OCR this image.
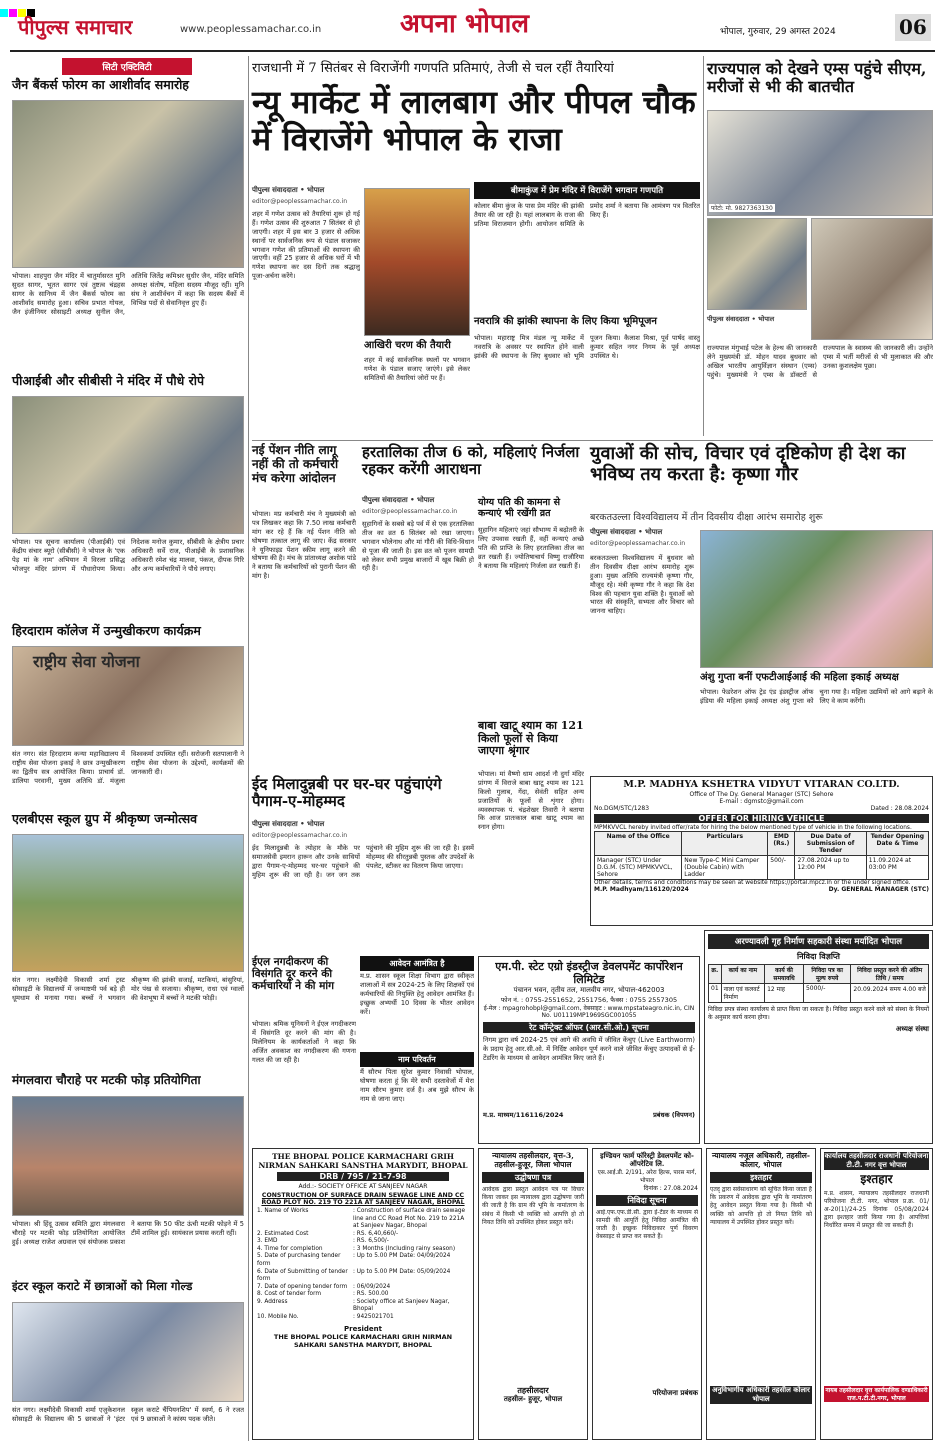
पीपुल्स समाचार	www.peoplessamachar.co.in	अपना भोपाल	भोपाल, गुरुवार, 29 अगस्त 2024	06
सिटी एक्टिविटी
जैन बैंकर्स फोरम का आशीर्वाद समारोह
भोपाल। शाहपुरा जैन मंदिर में चातुर्मासरत मुनि सुदत सागर, भूतत सागर एवं तुष्टत्व चंद्रहस सागर के सानिध्य में जैन बैंकर्स फोरम का आशीर्वाद समारोह हुआ। सचिव प्रभात गोयल, जैन इंजीनियर सोसाइटी अध्यक्ष सुनील जैन, अतिथि जितेंद्र कमिश्नर सुधीर जैन, मंदिर समिति अध्यक्ष संतोष, महिला सदस्य मौजूद रहीं। मुनि संघ ने आशीर्वचन में कहा कि सदस्य बैंकों में विभिन्न पदों से सेवानिवृत्त हुए हैं।
पीआईबी और सीबीसी ने मंदिर में पौधे रोपे
भोपाल। पत्र सूचना कार्यालय (पीआईबी) एवं केंद्रीय संचार ब्यूरो (सीबीसी) ने भोपाल के 'एक पेड़ मां के नाम' अभियान में विरला प्रसिद्ध भोजपुर मंदिर प्रांगण में पौधारोपण किया। निदेशक मनोज कुमार, सीबीसी के क्षेत्रीय प्रचार अधिकारी सर्वे राज, पीआईबी के प्रशासनिक अधिकारी रमेश चंद्र मालवा, पंकज, दीपक गिरि और अन्य कर्मचारियों ने पौधे लगाए।
हिरदाराम कॉलेज में उन्मुखीकरण कार्यक्रम
राष्ट्रीय सेवा योजना
संत नगर। संत हिरदाराम कन्या महाविद्यालय में राष्ट्रीय सेवा योजना इकाई ने छात्र उन्मुखीकरण का द्वितीय सत्र आयोजित किया। प्राचार्य डॉ. डालिया परवानी, मुख्य अतिथि डॉ. मंजुला विश्वकर्मा उपस्थित रहीं। सरोजनी सतपालानी ने राष्ट्रीय सेवा योजना के उद्देश्यों, कार्यक्रमों की जानकारी दी।
एलबीएस स्कूल ग्रुप में श्रीकृष्ण जन्मोत्सव
संत नगर। लक्ष्मीदेवी विकासी शर्मा ट्रस्ट सोसाइटी के विद्यालयों में जन्माष्टमी पर्व बड़े ही धूमधाम से मनाया गया। बच्चों ने भगवान श्रीकृष्ण की झांकी सजाई, मटकियां, बांसुरियां, मोर पंख से सजाया। श्रीकृष्ण, राधा एवं ग्वालों की वेशभूषा में बच्चों ने मटकी फोड़ी।
मंगलवारा चौराहे पर मटकी फोड़ प्रतियोगिता
भोपाल। श्री हिंदू उत्सव समिति द्वारा मंगलवारा चौराहे पर मटकी फोड़ प्रतियोगिता आयोजित हुई। अध्यक्ष राजेश अग्रवाल एवं संयोजक प्रकाश ने बताया कि 50 फीट ऊंची मटकी फोड़ने में 5 टीमें शामिल हुईं। सायंकाल प्रयास करती रहीं।
इंटर स्कूल कराटे में छात्राओं को मिला गोल्ड
संत नगर। लक्ष्मीदेवी विकासी शर्मा एजुकेशनल सोसाइटी के विद्यालय की 5 छात्राओं ने 'इंटर स्कूल कराटे चैंपियनशिप' में स्वर्ण, 6 ने रजत एवं 9 छात्राओं ने कांस्य पदक जीते।
राजधानी में 7 सितंबर से विराजेंगी गणपति प्रतिमाएं, तेजी से चल रहीं तैयारियां
न्यू मार्केट में लालबाग और पीपल चौक में विराजेंगे भोपाल के राजा
पीपुल्स संवाददाता • भोपाल
editor@peoplessamachar.co.in
शहर में गणेश उत्सव को तैयारियां शुरू हो गई हैं। गणेश उत्सव की शुरुआत 7 सितंबर से हो जाएगी। शहर में इस बार 3 हजार से अधिक स्थानों पर सार्वजनिक रूप से पंडाल सजाकर भगवान गणेश की प्रतिमाओं की स्थापना की जाएगी। वहीं 25 हजार से अधिक घरों में भी गणेश स्थापना कर दस दिनों तक श्रद्धालु पूजा-अर्चना करेंगे।
बीमाकुंज में प्रेम मंदिर में विराजेंगे भगवान गणपति
कोलार बीमा कुंज के पास प्रेम मंदिर की झांकी तैयार की जा रही है। यहां लालबाग के राजा की प्रतिमा विराजमान होगी। आयोजन समिति के प्रमोद शर्मा ने बताया कि आमंत्रण पत्र वितरित किए हैं।
आखिरी चरण की तैयारी
शहर में कई सार्वजनिक स्थलों पर भगवान गणेश के पंडाल सजाए जाएंगे। इसे लेकर समितियों की तैयारियां जोरों पर हैं।
नवरात्रि की झांकी स्थापना के लिए किया भूमिपूजन
भोपाल। महाराष्ट्र मित्र मंडल न्यू मार्केट में नवरात्रि के अवसर पर स्थापित होने वाली झांकी की स्थापना के लिए बुधवार को भूमि पूजन किया। कैलाश मिश्रा, पूर्व पार्षद वास्तु कुमार सहित नगर निगम के पूर्व अध्यक्ष उपस्थित थे।
राज्यपाल को देखने एम्स पहुंचे सीएम, मरीजों से भी की बातचीत
फोटो: मो. 9827363130
पीपुल्स संवाददाता • भोपाल
राज्यपाल मंगुभाई पटेल के हेल्थ की जानकारी लेने मुख्यमंत्री डॉ. मोहन यादव बुधवार को अखिल भारतीय आयुर्विज्ञान संस्थान (एम्स) पहुंचे। मुख्यमंत्री ने एम्स के डॉक्टरों से राज्यपाल के स्वास्थ्य की जानकारी ली। उन्होंने एम्स में भर्ती मरीजों से भी मुलाकात की और उनका कुशलक्षेम पूछा।
नई पेंशन नीति लागू नहीं की तो कर्मचारी मंच करेगा आंदोलन
भोपाल। मप्र कर्मचारी मंच ने मुख्यमंत्री को पत्र लिखकर कहा कि 7.50 लाख कर्मचारी मांग कर रहे हैं कि नई पेंशन नीति को घोषणा तत्काल लागू की जाए। केंद्र सरकार ने यूनिफाइड पेंशन स्कीम लागू करने की घोषणा की है। मंच के प्रांताध्यक्ष अशोक पांडे ने बताया कि कर्मचारियों को पुरानी पेंशन की मांग है।
हरतालिका तीज 6 को, महिलाएं निर्जला रहकर करेंगी आराधना
पीपुल्स संवाददाता • भोपाल
editor@peoplessamachar.co.in
सुहागिनों के सबसे बड़े पर्व में से एक हरतालिका तीज का व्रत 6 सितंबर को रखा जाएगा। भगवान भोलेनाथ और मां गौरी की विधि-विधान से पूजा की जाती है। इस व्रत को पूजन सामग्री को लेकर सभी प्रमुख बाजारों में खूब बिक्री हो रही है।
योग्य पति की कामना से कन्याएं भी रखेंगी व्रत
सुहागिन महिलाएं जहां सौभाग्य में बढ़ोतरी के लिए उपवास रखती हैं, वहीं कन्याएं अच्छे पति की प्राप्ति के लिए हरतालिका तीज का व्रत रखती हैं। ज्योतिषाचार्य विष्णु राजौरिया ने बताया कि महिलाएं निर्जला व्रत रखती हैं।
बाबा खाटू श्याम का 121 किलो फूलों से किया जाएगा श्रृंगार
भोपाल। मां वैष्णो धाम आदर्श नौ दुर्गा मंदिर प्रांगण में विराजे बाबा खाटू श्याम का 121 किलो गुलाब, गेंदा, सेवंती सहित अन्य प्रजातियों के फूलों से शृंगार होगा। व्यवस्थापक पं. चंद्रशेखर तिवारी ने बताया कि आज प्रातःकाल बाबा खाटू श्याम का स्नान होगा।
ईद मिलादुन्नबी पर घर-घर पहुंचाएंगे पैगाम-ए-मोहम्मद
पीपुल्स संवाददाता • भोपाल
editor@peoplessamachar.co.in
ईद मिलादुन्नबी के त्योहार के मौके पर समाजसेवी इमरान हारून और उनके साथियों द्वारा पैगाम-ए-मोहम्मद घर-घर पहुंचाने की मुहिम शुरू की जा रही है। जन जन तक पहुंचाने की मुहिम शुरू की जा रही है। इसमें मोहम्मद की सीरतुन्नबी पुस्तक और उपदेशों के पंपलेट, स्टीकर का वितरण किया जाएगा।
ईएल नगदीकरण की विसंगति दूर करने की कर्मचारियों ने की मांग
भोपाल। श्रमिक यूनियनों ने ईएल नगदीकरण में विसंगति दूर करने की मांग की है। मिलेनियम के कार्यकर्ताओं ने कहा कि अर्जित अवकाश का नगदीकरण की गणना गलत की जा रही है।
आवेदन आमंत्रित है
म.प्र. शासन स्कूल शिक्षा विभाग द्वारा स्वीकृत शालाओं में सत्र 2024-25 के लिए शिक्षकों एवं कर्मचारियों की नियुक्ति हेतु आवेदन आमंत्रित हैं। इच्छुक अभ्यर्थी 10 दिवस के भीतर आवेदन करें।
नाम परिवर्तन
मैं सौरभ पिता सुरेश कुमार निवासी भोपाल, घोषणा करता हूं कि मेरे सभी दस्तावेजों में मेरा नाम सौरभ कुमार दर्ज है। अब मुझे सौरभ के नाम से जाना जाए।
युवाओं की सोच, विचार एवं दृष्टिकोण ही देश का भविष्य तय करता है: कृष्णा गौर
बरकतउल्ला विश्वविद्यालय में तीन दिवसीय दीक्षा आरंभ समारोह शुरू
पीपुल्स संवाददाता • भोपाल
editor@peoplessamachar.co.in
बरकतउल्ला विश्वविद्यालय में बुधवार को तीन दिवसीय दीक्षा आरंभ समारोह शुरू हुआ। मुख्य अतिथि राज्यमंत्री कृष्णा गौर, मौजूद रहे। मंत्री कृष्णा गौर ने कहा कि देश विश्व की पहचान युवा शक्ति है। युवाओं को भारत की संस्कृति, सभ्यता और विचार को जानना चाहिए।
अंशु गुप्ता बनीं एफटीआईआई की महिला इकाई अध्यक्ष
भोपाल। फेडरेशन ऑफ ट्रेड एंड इंडस्ट्रीज ऑफ इंडिया की महिला इकाई अध्यक्ष अंशु गुप्ता को चुना गया है। महिला उद्यमियों को आगे बढ़ाने के लिए वे काम करेंगी।
M.P. MADHYA KSHETRA VIDYUT VITARAN CO.LTD.
Office of The Dy. General Manager (STC) Sehore
E-mail : dgmstc@gmail.com
No.DGM/STC/1283	Dated : 28.08.2024
OFFER FOR HIRING VEHICLE
MPMKVVCL hereby invited offer/rate for hiring the below mentioned type of vehicle in the following locations.
Name of the Office	Particulars	EMD (Rs.)	Due Date of Submission of Tender	Tender Opening Date & Time
Manager (STC) Under D.G.M. (STC) MPMKVVCL, Sehore	New Type-C Mini Camper (Double Cabin) with Ladder	500/-	27.08.2024 up to 12:00 PM	11.09.2024 at 03:00 PM
Other details, terms and conditions may be seen at website https://portal.mpcz.in or the under signed office.
M.P. Madhyam/116120/2024	Dy. GENERAL MANAGER (STC)
एम.पी. स्टेट एग्रो इंडस्ट्रीज डेवलपमेंट कार्पोरेशन लिमिटेड
पंचानन भवन, तृतीय तल, मालवीय नगर, भोपाल-462003
फोन नं. : 0755-2551652, 2551756, फैक्स : 0755 2557305
ई-मेल : mpagrohobpl@gmail.com, वेबसाइट : www.mpstateagro.nic.in, CIN No. U01119MP1969SGC001055
रेट कॉन्ट्रेक्ट ऑफर (आर.सी.ओ.) सूचना
निगम द्वारा वर्ष 2024-25 एवं आगे की अवधि में जीवित केंचुए (Live Earthworm) के प्रदाय हेतु आर.सी.ओ. में निर्दिष्ट आवेदन पूर्ण करने वाले जीवित केंचुए उत्पादकों से ई-टेंडरिंग के माध्यम से आवेदन आमंत्रित किए जाते हैं।
म.प्र. माध्यम/116116/2024	प्रबंधक (विपणन)
THE BHOPAL POLICE KARMACHARI GRIH NIRMAN SAHKARI SANSTHA MARYDIT, BHOPAL
DRB / 795 / 21-7-98
Add.:- SOCIETY OFFICE AT SANJEEV NAGAR
CONSTRUCTION OF SURFACE DRAIN SEWAGE LINE AND CC ROAD PLOT NO. 219 TO 221A AT SANJEEV NAGAR, BHOPAL
1. Name of Works	: Construction of surface drain sewage line and CC Road Plot No. 219 to 221A at Sanjeev Nagar, Bhopal
2. Estimated Cost	: RS. 6,40,660/-
3. EMD	: RS. 6,500/-
4. Time for completion	: 3 Months (Including rainy season)
5. Date of purchasing tender form
: Up to 5.00 PM Date: 04/09/2024
6. Date of Submitting of tender form
: Up to 5.00 PM Date: 05/09/2024
7. Date of opening tender form : 06/09/2024
8. Cost of tender form	: RS. 500.00
9. Address	: Society office at Sanjeev Nagar, Bhopal
10. Mobile No.	: 9425021701
President
THE BHOPAL POLICE KARMACHARI GRIH NIRMAN SAHKARI SANSTHA MARYDIT, BHOPAL
न्यायालय तहसीलदार, वृत्त-3, तहसील-हुजूर, जिला भोपाल
उद्घोषणा पत्र
आवेदक द्वारा प्रस्तुत आवेदन पत्र पर विचार किया जाकर इस न्यायालय द्वारा उद्घोषणा जारी की जाती है कि ग्राम की भूमि के नामांतरण के संबंध में किसी भी व्यक्ति को आपत्ति हो तो नियत तिथि को उपस्थित होकर प्रस्तुत करें।
तहसीलदार
तहसील- हुजूर, भोपाल
इण्डियन फार्म फॉरेस्ट्री डेवलपमेंट को-ऑपरेटिव लि.
एस.आई.डी. 2/191, अरेरा हिल्स, पारस मार्ग, भोपाल
दिनांक : 27.08.2024
निविदा सूचना
आई.एफ.एफ.डी.सी. द्वारा ई-टेंडर के माध्यम से सामग्री की आपूर्ति हेतु निविदा आमंत्रित की जाती है। इच्छुक निविदाकार पूर्ण विवरण वेबसाइट से प्राप्त कर सकते हैं।
परियोजना प्रबंधक
न्यायालय नजूल अधिकारी, तहसील-कोलार, भोपाल
इश्तहार
एतद् द्वारा सर्वसाधारण को सूचित किया जाता है कि प्रकरण में आवेदक द्वारा भूमि के नामांतरण हेतु आवेदन प्रस्तुत किया गया है। किसी भी व्यक्ति को आपत्ति हो तो नियत तिथि को न्यायालय में उपस्थित होकर प्रस्तुत करें।
अनुविभागीय अधिकारी तहसील कोलार भोपाल
कार्यालय तहसीलदार राजधानी परियोजना टी.टी. नगर वृत्त भोपाल
इश्तहार
म.प्र. शासन, न्यायालय तहसीलदार राजधानी परियोजना टी.टी. नगर, भोपाल प्र.क्र. 01/अ-20(1)/24-25 दिनांक 05/08/2024 द्वारा इश्तहार जारी किया गया है। आपत्तियां निर्धारित समय में प्रस्तुत की जा सकती हैं।
नायब तहसीलदार वृत्त कार्यपालिक दण्डाधिकारी राज.प.टी.टी.नगर, भोपाल
अरण्यावली गृह निर्माण सहकारी संस्था मर्यादित भोपाल
निविदा विज्ञप्ति
क्र.	कार्य का नाम	कार्य की समयावधि	निविदा पत्र का मूल्य रुपये	निविदा प्रस्तुत करने की अंतिम तिथि / समय
01	नाला एवं कलवर्ट निर्माण	12 माह	5000/-	20.09.2024 समय 4.00 बजे
निविदा प्रपत्र संस्था कार्यालय से प्राप्त किया जा सकता है। निविदा प्रस्तुत करने वाले को संस्था के नियमों के अनुसार कार्य करना होगा।
अध्यक्ष संस्था
